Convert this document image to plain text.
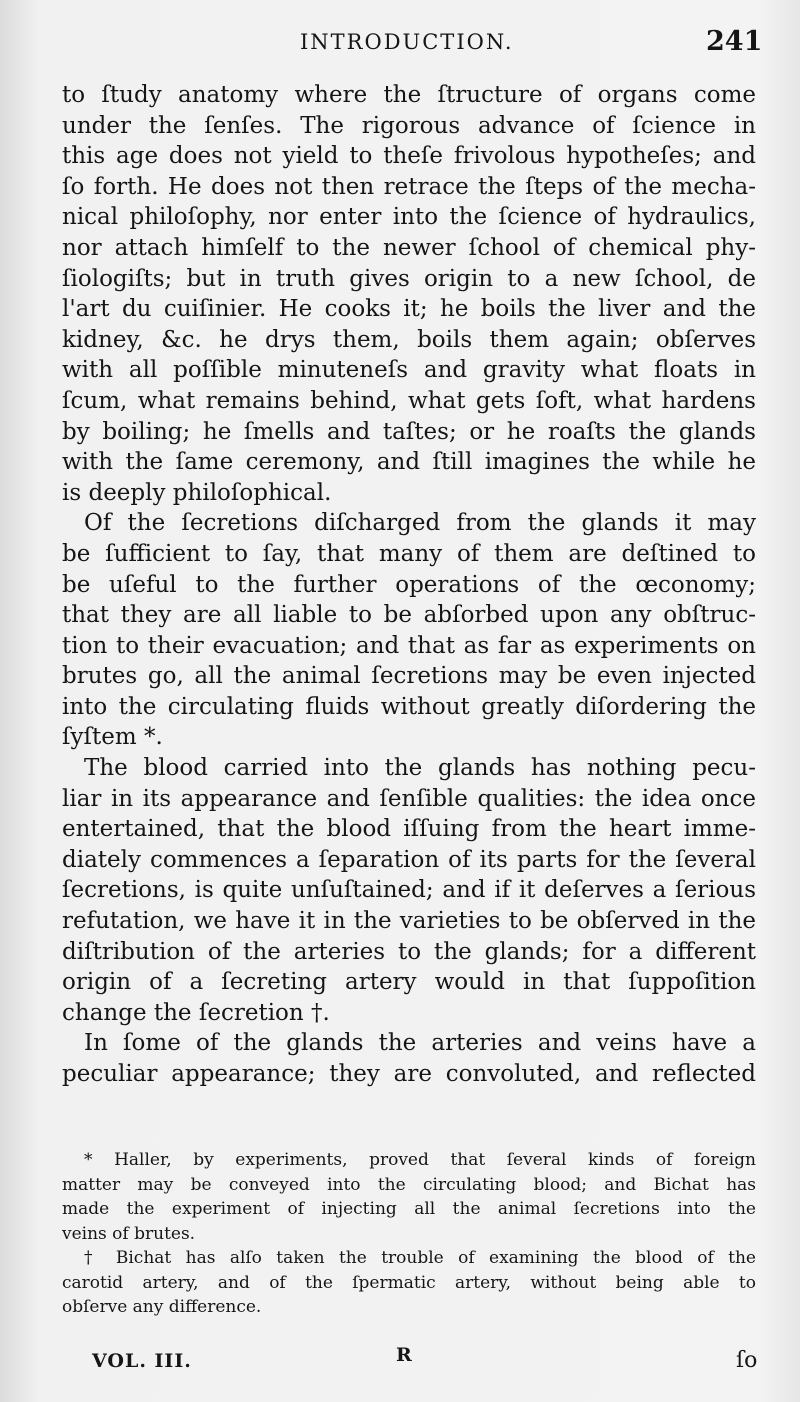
INTRODUCTION.	241
to ſtudy anatomy where the ſtructure of organs come
under the ſenſes. The rigorous advance of ſcience in
this age does not yield to theſe frivolous hypotheſes; and
ſo forth. He does not then retrace the ſteps of the mecha-
nical philoſophy, nor enter into the ſcience of hydraulics,
nor attach himſelf to the newer ſchool of chemical phy-
ſiologiſts; but in truth gives origin to a new ſchool, de
l'art du cuiſinier. He cooks it; he boils the liver and the
kidney, &c. he drys them, boils them again; obſerves
with all poſſible minuteneſs and gravity what floats in
ſcum, what remains behind, what gets ſoft, what hardens
by boiling; he ſmells and taſtes; or he roaſts the glands
with the ſame ceremony, and ſtill imagines the while he
is deeply philoſophical.
Of the ſecretions diſcharged from the glands it may
be ſufficient to ſay, that many of them are deſtined to
be uſeful to the further operations of the œconomy;
that they are all liable to be abſorbed upon any obſtruc-
tion to their evacuation; and that as far as experiments on
brutes go, all the animal ſecretions may be even injected
into the circulating fluids without greatly diſordering the
ſyſtem *.
The blood carried into the glands has nothing pecu-
liar in its appearance and ſenſible qualities: the idea once
entertained, that the blood iſſuing from the heart imme-
diately commences a ſeparation of its parts for the ſeveral
ſecretions, is quite unſuſtained; and if it deſerves a ſerious
refutation, we have it in the varieties to be obſerved in the
diſtribution of the arteries to the glands; for a different
origin of a ſecreting artery would in that ſuppoſition
change the ſecretion †.
In ſome of the glands the arteries and veins have a
peculiar appearance; they are convoluted, and reflected
* Haller, by experiments, proved that ſeveral kinds of foreign
matter may be conveyed into the circulating blood; and Bichat has
made the experiment of injecting all the animal ſecretions into the
veins of brutes.
† Bichat has alſo taken the trouble of examining the blood of the
carotid artery, and of the ſpermatic artery, without being able to
obſerve any difference.
VOL. III.	R	ſo
